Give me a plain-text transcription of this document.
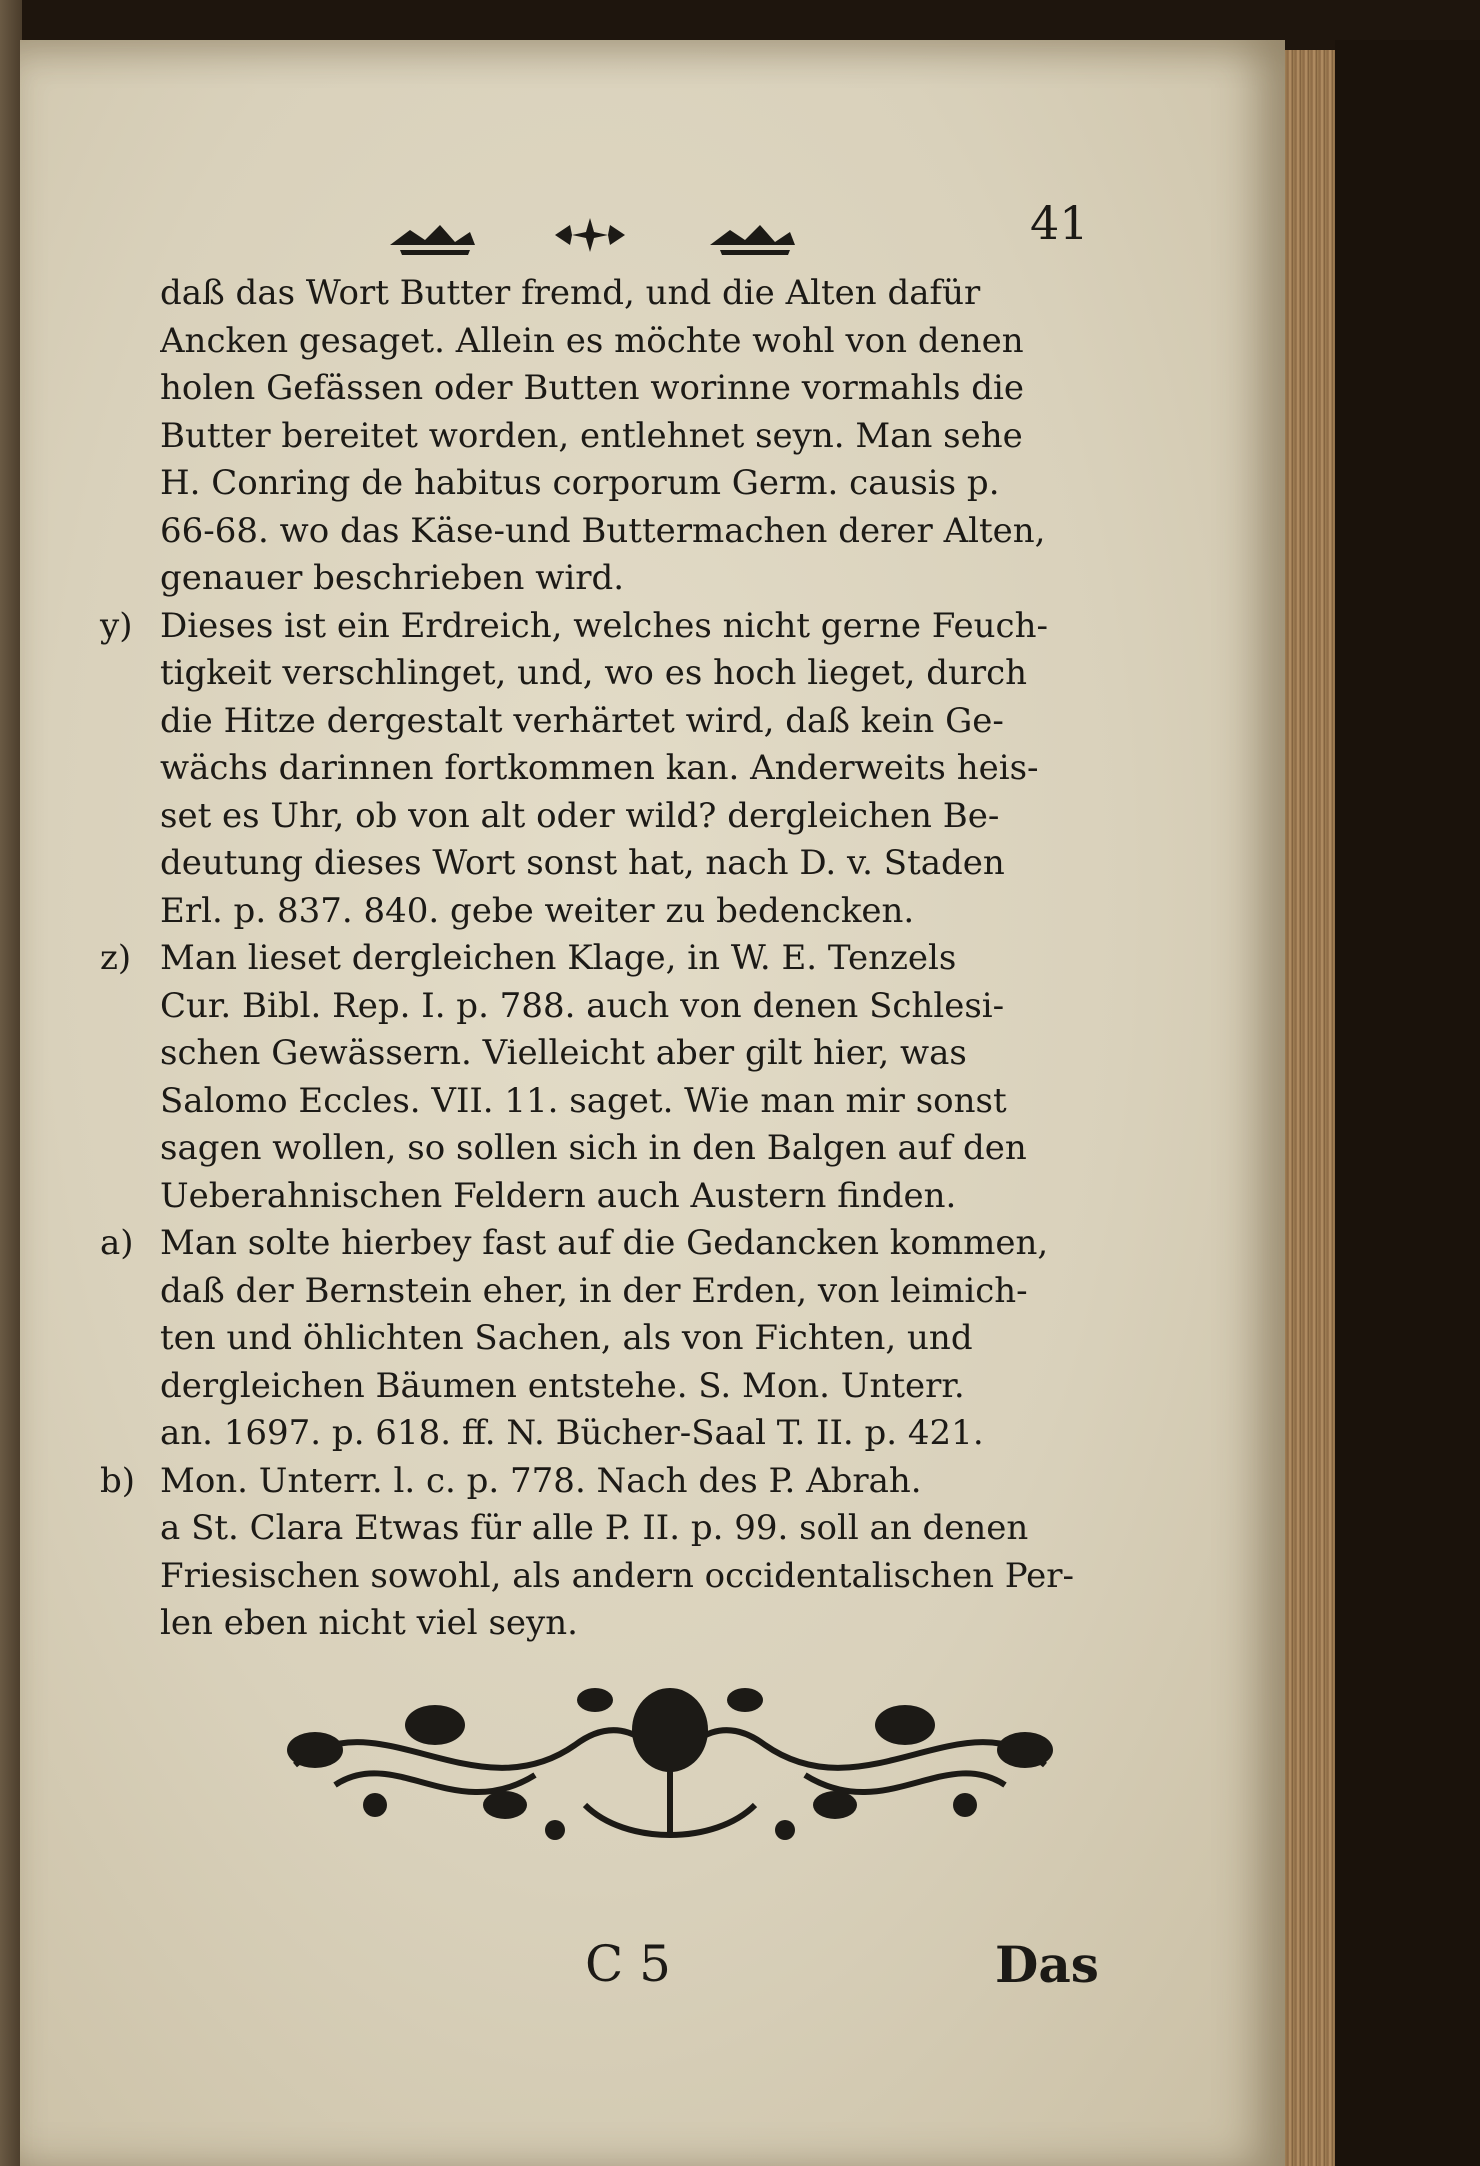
41
daß das Wort Butter fremd, und die Alten dafür
Ancken gesaget. Allein es möchte wohl von denen
holen Gefässen oder Butten worinne vormahls die
Butter bereitet worden, entlehnet seyn. Man sehe
H. Conring de habitus corporum Germ. causis p.
66-68. wo das Käse-und Buttermachen derer Alten,
genauer beschrieben wird.
y) Dieses ist ein Erdreich, welches nicht gerne Feuch-
tigkeit verschlinget, und, wo es hoch lieget, durch
die Hitze dergestalt verhärtet wird, daß kein Ge-
wächs darinnen fortkommen kan. Anderweits heis-
set es Uhr, ob von alt oder wild? dergleichen Be-
deutung dieses Wort sonst hat, nach D. v. Staden
Erl. p. 837. 840. gebe weiter zu bedencken.
z) Man lieset dergleichen Klage, in W. E. Tenzels
Cur. Bibl. Rep. I. p. 788. auch von denen Schlesi-
schen Gewässern. Vielleicht aber gilt hier, was
Salomo Eccles. VII. 11. saget. Wie man mir sonst
sagen wollen, so sollen sich in den Balgen auf den
Ueberahnischen Feldern auch Austern finden.
a) Man solte hierbey fast auf die Gedancken kommen,
daß der Bernstein eher, in der Erden, von leimich-
ten und öhlichten Sachen, als von Fichten, und
dergleichen Bäumen entstehe. S. Mon. Unterr.
an. 1697. p. 618. ff. N. Bücher-Saal T. II. p. 421.
b) Mon. Unterr. l. c. p. 778. Nach des P. Abrah.
a St. Clara Etwas für alle P. II. p. 99. soll an denen
Friesischen sowohl, als andern occidentalischen Per-
len eben nicht viel seyn.
C 5	Das
